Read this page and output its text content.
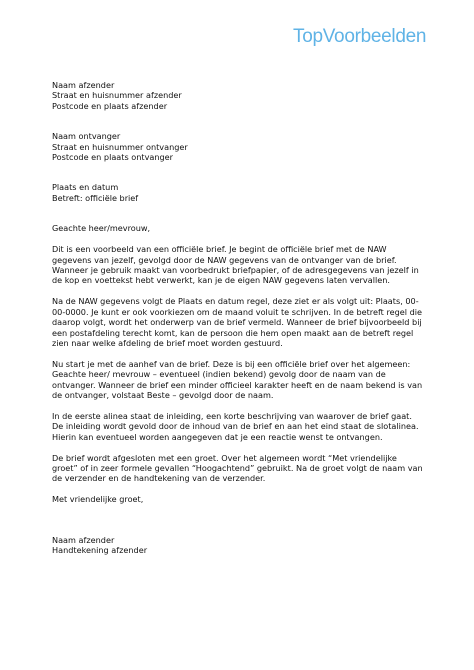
TopVoorbeelden
Naam afzender
Straat en huisnummer afzender
Postcode en plaats afzender
Naam ontvanger
Straat en huisnummer ontvanger
Postcode en plaats ontvanger
Plaats en datum
Betreft: officiële brief

Geachte heer/mevrouw,

Dit is een voorbeeld van een officiële brief. Je begint de officiële brief met de NAW gegevens van jezelf, gevolgd door de NAW gegevens van de ontvanger van de brief. Wanneer je gebruik maakt van voorbedrukt briefpapier, of de adresgegevens van jezelf in de kop en voettekst hebt verwerkt, kan je de eigen NAW gegevens laten vervallen.

Na de NAW gegevens volgt de Plaats en datum regel, deze ziet er als volgt uit: Plaats, 00-00-0000. Je kunt er ook voorkiezen om de maand voluit te schrijven. In de betreft regel die daarop volgt, wordt het onderwerp van de brief vermeld. Wanneer de brief bijvoorbeeld bij een postafdeling terecht komt, kan de persoon die hem open maakt aan de betreft regel zien naar welke afdeling de brief moet worden gestuurd.

Nu start je met de aanhef van de brief. Deze is bij een officiële brief over het algemeen: Geachte heer/ mevrouw – eventueel (indien bekend) gevolg door de naam van de ontvanger. Wanneer de brief een minder officieel karakter heeft en de naam bekend is van de ontvanger, volstaat Beste – gevolgd door de naam.

In de eerste alinea staat de inleiding, een korte beschrijving van waarover de brief gaat. De inleiding wordt gevold door de inhoud van de brief en aan het eind staat de slotalinea. Hierin kan eventueel worden aangegeven dat je een reactie wenst te ontvangen.

De brief wordt afgesloten met een groet. Over het algemeen wordt “Met vriendelijke groet” of in zeer formele gevallen “Hoogachtend” gebruikt. Na de groet volgt de naam van de verzender en de handtekening van de verzender.

Met vriendelijke groet,

Naam afzender
Handtekening afzender
